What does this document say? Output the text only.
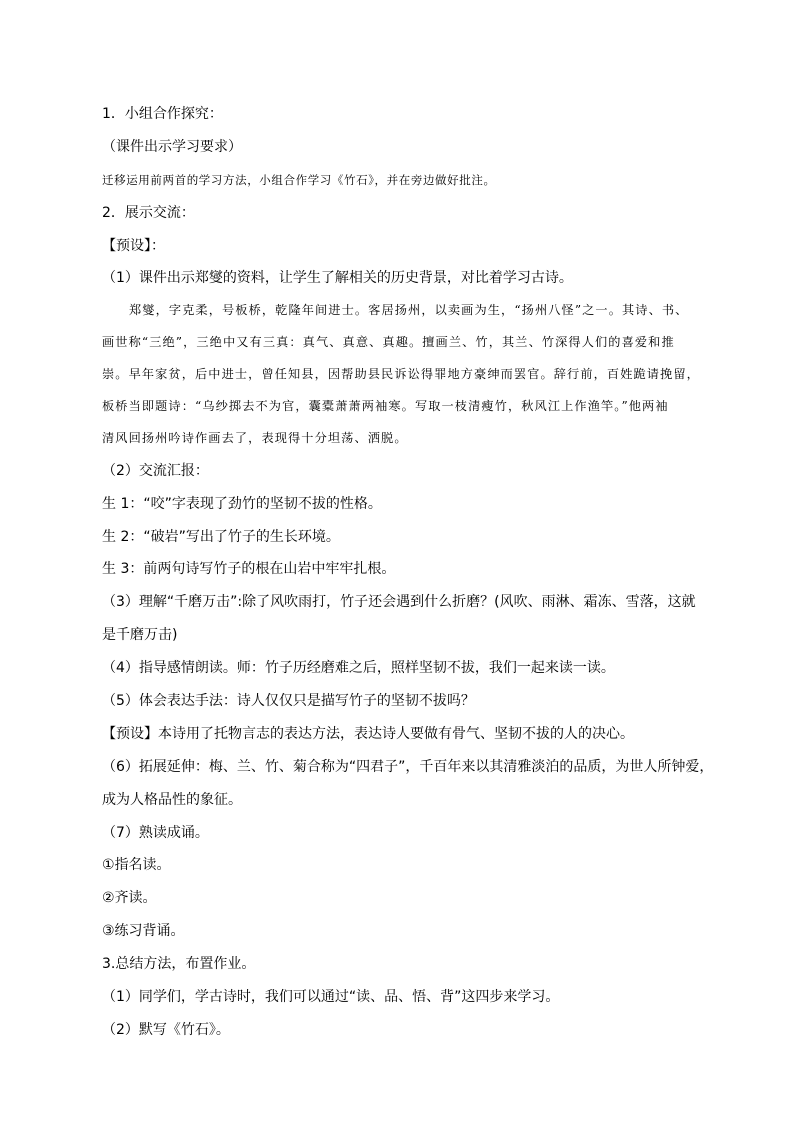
1．小组合作探究：

（课件出示学习要求）

迁移运用前两首的学习方法，小组合作学习《竹石》，并在旁边做好批注。

2．展示交流：

【预设】：

（1）课件出示郑燮的资料，让学生了解相关的历史背景，对比着学习古诗。

郑燮，字克柔，号板桥，乾隆年间进士。客居扬州，以卖画为生，“扬州八怪”之一。其诗、书、
画世称“三绝”，三绝中又有三真：真气、真意、真趣。擅画兰、竹，其兰、竹深得人们的喜爱和推
崇。早年家贫，后中进士，曾任知县，因帮助县民诉讼得罪地方豪绅而罢官。辞行前，百姓跪请挽留，
板桥当即题诗：“乌纱掷去不为官，囊橐萧萧两袖寒。写取一枝清瘦竹，秋风江上作渔竿。”他两袖
清风回扬州吟诗作画去了，表现得十分坦荡、洒脱。

（2）交流汇报：

生 1：“咬”字表现了劲竹的坚韧不拔的性格。

生 2：“破岩”写出了竹子的生长环境。

生 3：前两句诗写竹子的根在山岩中牢牢扎根。

（3）理解“千磨万击”:除了风吹雨打，竹子还会遇到什么折磨？(风吹、雨淋、霜冻、雪落，这就

是千磨万击)

（4）指导感情朗读。师：竹子历经磨难之后，照样坚韧不拔，我们一起来读一读。

（5）体会表达手法：诗人仅仅只是描写竹子的坚韧不拔吗？

【预设】本诗用了托物言志的表达方法，表达诗人要做有骨气、坚韧不拔的人的决心。

（6）拓展延伸：梅、兰、竹、菊合称为“四君子”，千百年来以其清雅淡泊的品质，为世人所钟爱，

成为人格品性的象征。

（7）熟读成诵。

①指名读。

②齐读。

③练习背诵。

3.总结方法，布置作业。

（1）同学们，学古诗时，我们可以通过“读、品、悟、背”这四步来学习。

（2）默写《竹石》。
